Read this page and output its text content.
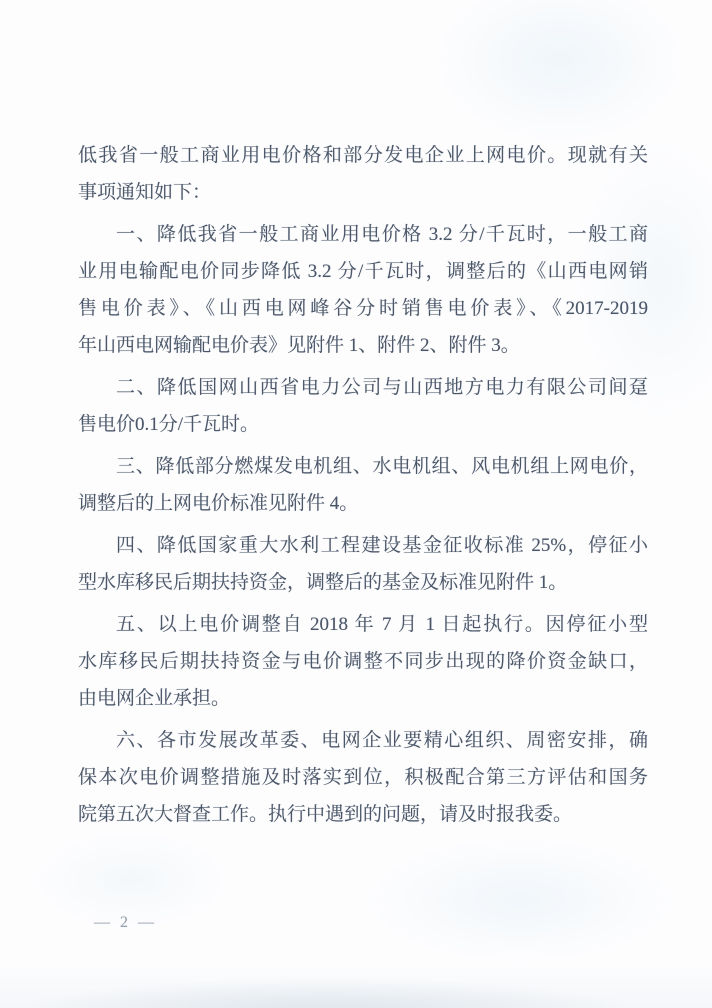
低我省一般工商业用电价格和部分发电企业上网电价。现就有关
事项通知如下：
一、降低我省一般工商业用电价格 3.2 分/千瓦时，一般工商
业用电输配电价同步降低 3.2 分/千瓦时，调整后的《山西电网销
售电价表》、《山西电网峰谷分时销售电价表》、《2017-2019
年山西电网输配电价表》见附件 1、附件 2、附件 3。
二、降低国网山西省电力公司与山西地方电力有限公司间趸
售电价0.1分/千瓦时。
三、降低部分燃煤发电机组、水电机组、风电机组上网电价，
调整后的上网电价标准见附件 4。
四、降低国家重大水利工程建设基金征收标准 25%，停征小
型水库移民后期扶持资金，调整后的基金及标准见附件 1。
五、以上电价调整自 2018 年 7 月 1 日起执行。因停征小型
水库移民后期扶持资金与电价调整不同步出现的降价资金缺口，
由电网企业承担。
六、各市发展改革委、电网企业要精心组织、周密安排，确
保本次电价调整措施及时落实到位，积极配合第三方评估和国务
院第五次大督查工作。执行中遇到的问题，请及时报我委。
— 2 —
